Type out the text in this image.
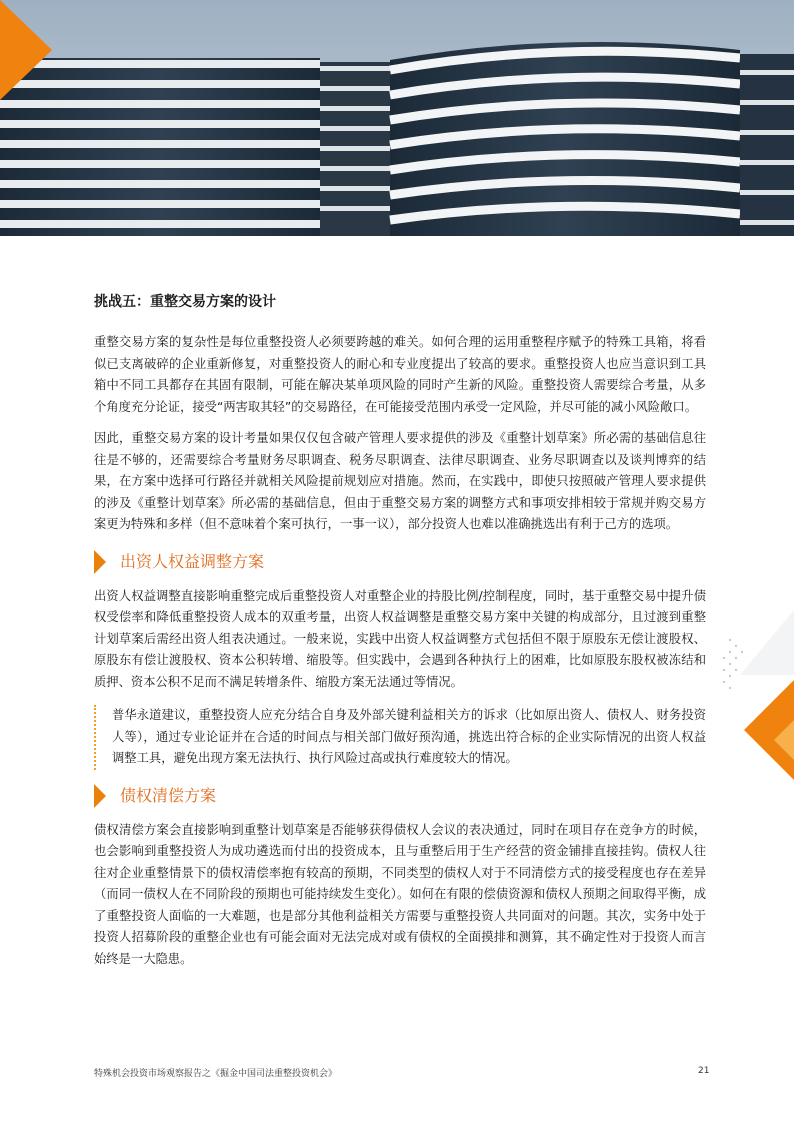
挑战五：重整交易方案的设计

重整交易方案的复杂性是每位重整投资人必须要跨越的难关。如何合理的运用重整程序赋予的特殊工具箱，将看似已支离破碎的企业重新修复，对重整投资人的耐心和专业度提出了较高的要求。重整投资人也应当意识到工具箱中不同工具都存在其固有限制，可能在解决某单项风险的同时产生新的风险。重整投资人需要综合考量，从多个角度充分论证，接受“两害取其轻”的交易路径，在可能接受范围内承受一定风险，并尽可能的减小风险敞口。

因此，重整交易方案的设计考量如果仅仅包含破产管理人要求提供的涉及《重整计划草案》所必需的基础信息往往是不够的，还需要综合考量财务尽职调查、税务尽职调查、法律尽职调查、业务尽职调查以及谈判博弈的结果，在方案中选择可行路径并就相关风险提前规划应对措施。然而，在实践中，即使只按照破产管理人要求提供的涉及《重整计划草案》所必需的基础信息，但由于重整交易方案的调整方式和事项安排相较于常规并购交易方案更为特殊和多样（但不意味着个案可执行，一事一议），部分投资人也难以准确挑选出有利于己方的选项。

出资人权益调整方案

出资人权益调整直接影响重整完成后重整投资人对重整企业的持股比例/控制程度，同时，基于重整交易中提升债权受偿率和降低重整投资人成本的双重考量，出资人权益调整是重整交易方案中关键的构成部分，且过渡到重整计划草案后需经出资人组表决通过。一般来说，实践中出资人权益调整方式包括但不限于原股东无偿让渡股权、原股东有偿让渡股权、资本公积转增、缩股等。但实践中，会遇到各种执行上的困难，比如原股东股权被冻结和质押、资本公积不足而不满足转增条件、缩股方案无法通过等情况。

普华永道建议，重整投资人应充分结合自身及外部关键利益相关方的诉求（比如原出资人、债权人、财务投资人等），通过专业论证并在合适的时间点与相关部门做好预沟通，挑选出符合标的企业实际情况的出资人权益调整工具，避免出现方案无法执行、执行风险过高或执行难度较大的情况。

债权清偿方案

债权清偿方案会直接影响到重整计划草案是否能够获得债权人会议的表决通过，同时在项目存在竞争方的时候，也会影响到重整投资人为成功遴选而付出的投资成本，且与重整后用于生产经营的资金铺排直接挂钩。债权人往往对企业重整情景下的债权清偿率抱有较高的预期，不同类型的债权人对于不同清偿方式的接受程度也存在差异（而同一债权人在不同阶段的预期也可能持续发生变化）。如何在有限的偿债资源和债权人预期之间取得平衡，成了重整投资人面临的一大难题，也是部分其他利益相关方需要与重整投资人共同面对的问题。其次，实务中处于投资人招募阶段的重整企业也有可能会面对无法完成对或有债权的全面摸排和测算，其不确定性对于投资人而言始终是一大隐患。

特殊机会投资市场观察报告之《掘金中国司法重整投资机会》	21
